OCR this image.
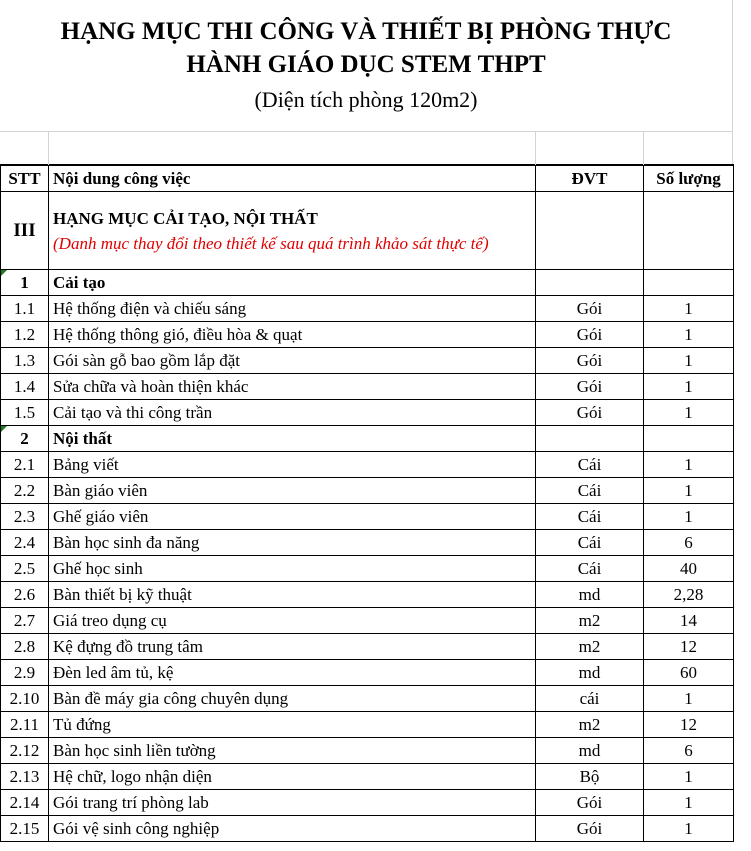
HẠNG MỤC THI CÔNG VÀ THIẾT BỊ PHÒNG THỰC
HÀNH GIÁO DỤC STEM THPT
(Diện tích phòng 120m2)
STT	Nội dung công việc	ĐVT	Số lượng
III	HẠNG MỤC CẢI TẠO, NỘI THẤT
(Danh mục thay đổi theo thiết kế sau quá trình khảo sát thực tế)		

1	Cải tạo		
1.1	Hệ thống điện và chiếu sáng	Gói	1
1.2	Hệ thống thông gió, điều hòa & quạt	Gói	1
1.3	Gói sàn gỗ bao gồm lắp đặt	Gói	1
1.4	Sửa chữa và hoàn thiện khác	Gói	1
1.5	Cải tạo và thi công trần	Gói	1
2	Nội thất		
2.1	Bảng viết	Cái	1
2.2	Bàn giáo viên	Cái	1
2.3	Ghế giáo viên	Cái	1
2.4	Bàn học sinh đa năng	Cái	6
2.5	Ghế học sinh	Cái	40
2.6	Bàn thiết bị kỹ thuật	md	2,28
2.7	Giá treo dụng cụ	m2	14
2.8	Kệ đựng đồ trung tâm	m2	12
2.9	Đèn led âm tủ, kệ	md	60
2.10	Bàn đề máy gia công chuyên dụng	cái	1
2.11	Tủ đứng	m2	12
2.12	Bàn học sinh liền tường	md	6
2.13	Hệ chữ, logo nhận diện	Bộ	1
2.14	Gói trang trí phòng lab	Gói	1
2.15	Gói vệ sinh công nghiệp	Gói	1
